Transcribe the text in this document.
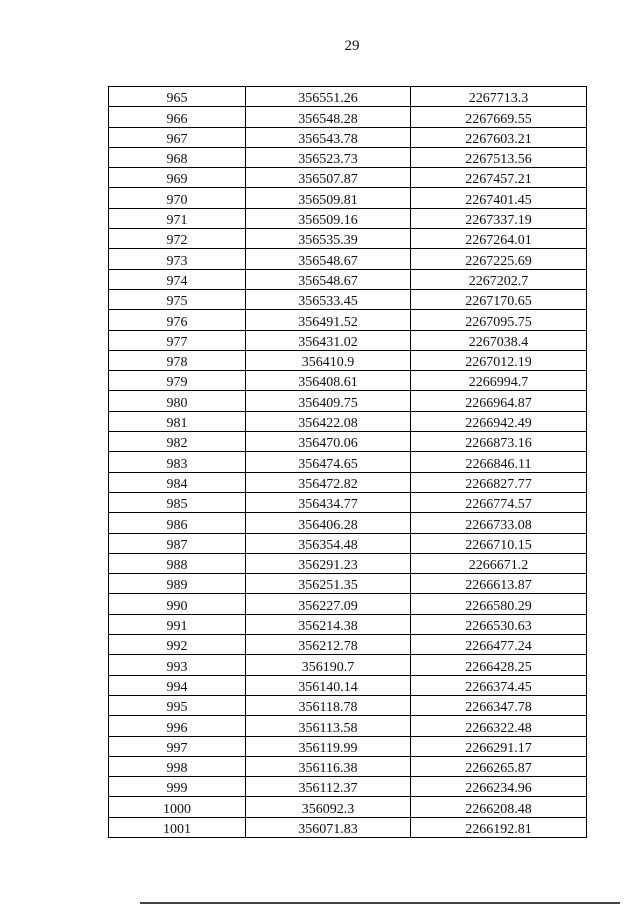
29
965	356551.26	2267713.3
966	356548.28	2267669.55
967	356543.78	2267603.21
968	356523.73	2267513.56
969	356507.87	2267457.21
970	356509.81	2267401.45
971	356509.16	2267337.19
972	356535.39	2267264.01
973	356548.67	2267225.69
974	356548.67	2267202.7
975	356533.45	2267170.65
976	356491.52	2267095.75
977	356431.02	2267038.4
978	356410.9	2267012.19
979	356408.61	2266994.7
980	356409.75	2266964.87
981	356422.08	2266942.49
982	356470.06	2266873.16
983	356474.65	2266846.11
984	356472.82	2266827.77
985	356434.77	2266774.57
986	356406.28	2266733.08
987	356354.48	2266710.15
988	356291.23	2266671.2
989	356251.35	2266613.87
990	356227.09	2266580.29
991	356214.38	2266530.63
992	356212.78	2266477.24
993	356190.7	2266428.25
994	356140.14	2266374.45
995	356118.78	2266347.78
996	356113.58	2266322.48
997	356119.99	2266291.17
998	356116.38	2266265.87
999	356112.37	2266234.96
1000	356092.3	2266208.48
1001	356071.83	2266192.81
